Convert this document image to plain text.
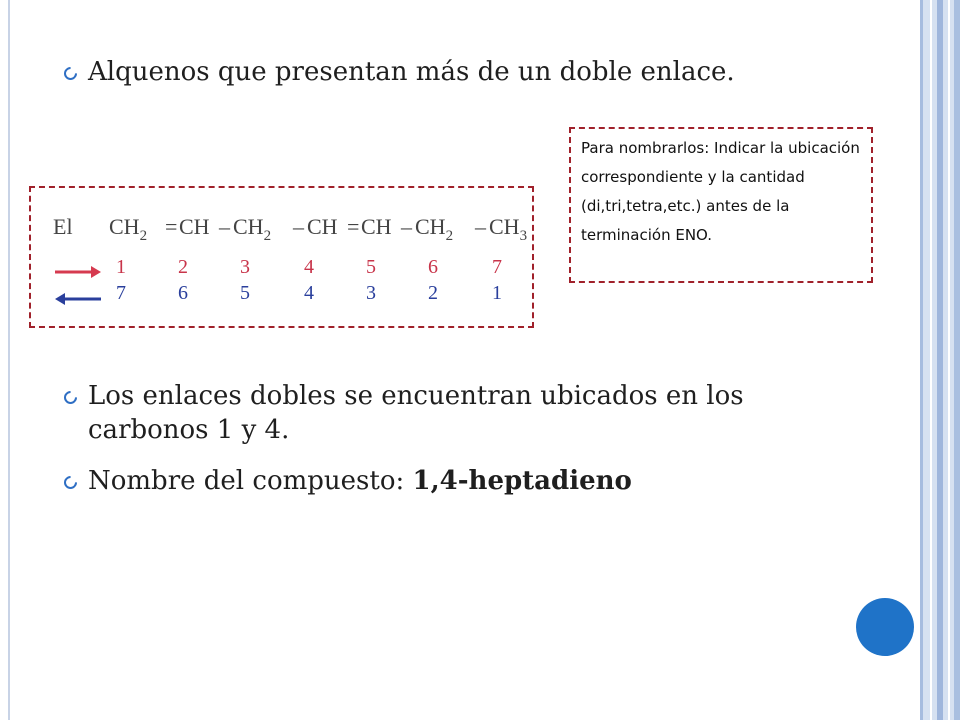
Alquenos que presentan más de un doble enlace.
El $CH_2$ = CH – $CH_2$ – CH = CH – $CH_2 - CH_3$
1	2	3	4	5	6	7
7	6	5	4	3	2	1
Para nombrarlos: Indicar la ubicación correspondiente y la cantidad (di,tri,tetra,etc.) antes de la terminación ENO.
Los enlaces dobles se encuentran ubicados en los
carbonos 1 y 4.
Nombre del compuesto: 1,4-heptadieno
